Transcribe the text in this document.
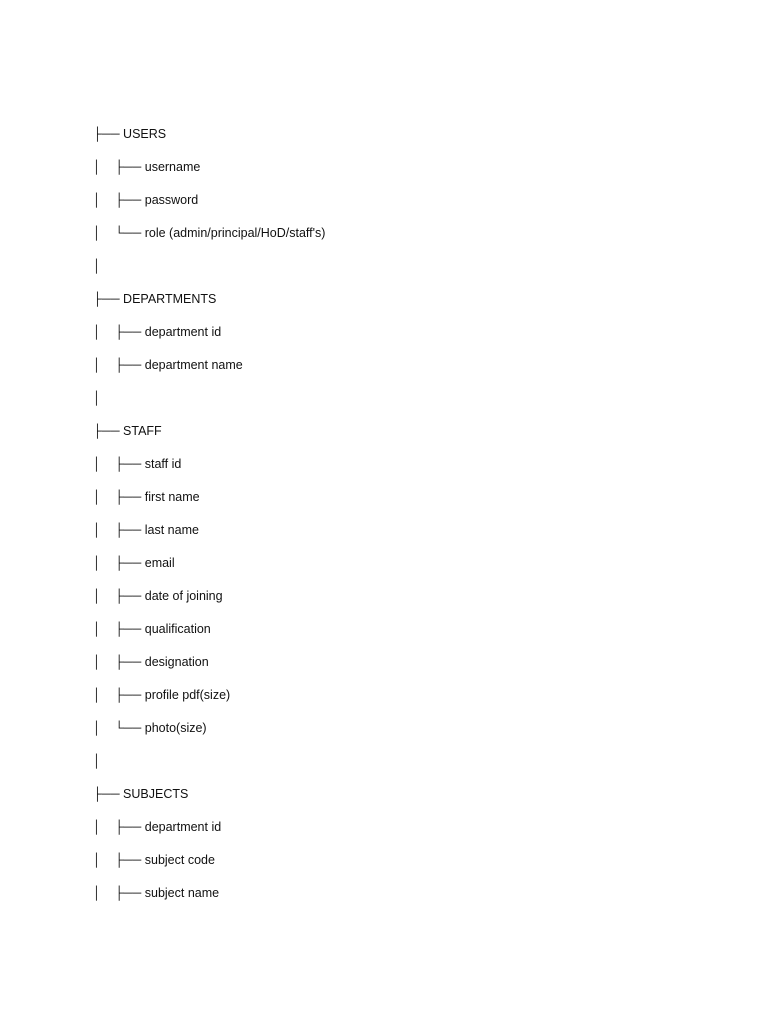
├── USERS
│    ├── username
│    ├── password
│    └── role (admin/principal/HoD/staff's)
│
├── DEPARTMENTS
│    ├── department id
│    ├── department name
│
├── STAFF
│    ├── staff id
│    ├── first name
│    ├── last name
│    ├── email
│    ├── date of joining
│    ├── qualification
│    ├── designation
│    ├── profile pdf(size)
│    └── photo(size)
│
├── SUBJECTS
│    ├── department id
│    ├── subject code
│    ├── subject name
